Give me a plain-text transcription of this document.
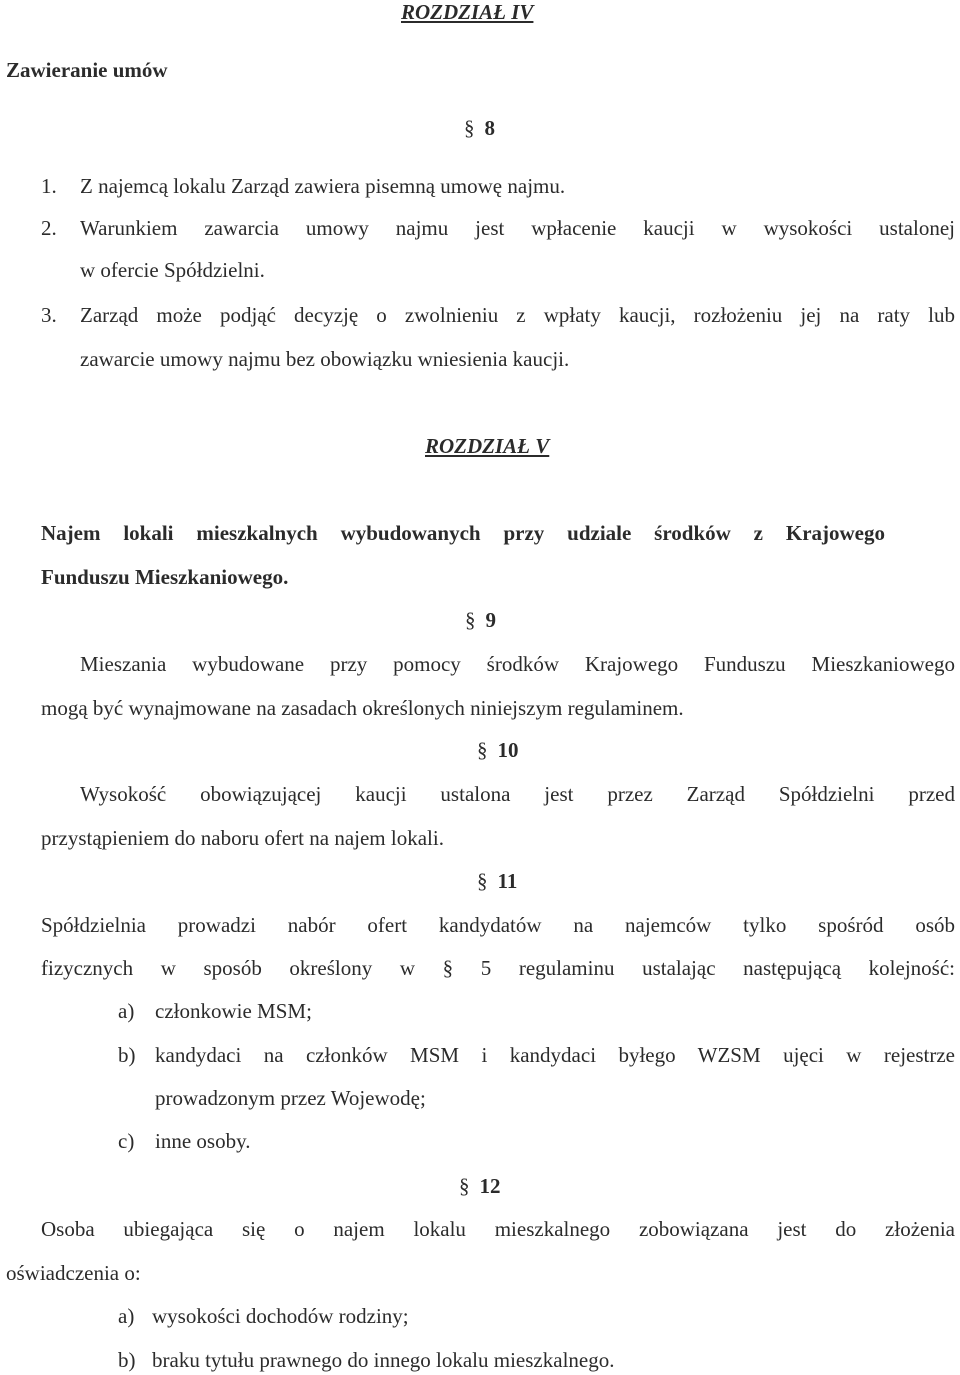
ROZDZIAŁ IV
Zawieranie umów
§ 8
1. Z najemcą lokalu Zarząd zawiera pisemną umowę najmu.
2. Warunkiem zawarcia umowy najmu jest wpłacenie kaucji w wysokości ustalonej
w ofercie Spółdzielni.
3. Zarząd może podjąć decyzję o zwolnieniu z wpłaty kaucji, rozłożeniu jej na raty lub
zawarcie umowy najmu bez obowiązku wniesienia kaucji.
ROZDZIAŁ V
Najem lokali mieszkalnych wybudowanych przy udziale środków z Krajowego
Funduszu Mieszkaniowego.
§ 9
Mieszania wybudowane przy pomocy środków Krajowego Funduszu Mieszkaniowego
mogą być wynajmowane na zasadach określonych niniejszym regulaminem.
§ 10
Wysokość obowiązującej kaucji ustalona jest przez Zarząd Spółdzielni przed
przystąpieniem do naboru ofert na najem lokali.
§ 11
Spółdzielnia prowadzi nabór ofert kandydatów na najemców tylko spośród osób
fizycznych w sposób określony w § 5 regulaminu ustalając następującą kolejność:
a) członkowie MSM;
b) kandydaci na członków MSM i kandydaci byłego WZSM ujęci w rejestrze
prowadzonym przez Wojewodę;
c) inne osoby.
§ 12
Osoba ubiegająca się o najem lokalu mieszkalnego zobowiązana jest do złożenia
oświadczenia o:
a) wysokości dochodów rodziny;
b) braku tytułu prawnego do innego lokalu mieszkalnego.
